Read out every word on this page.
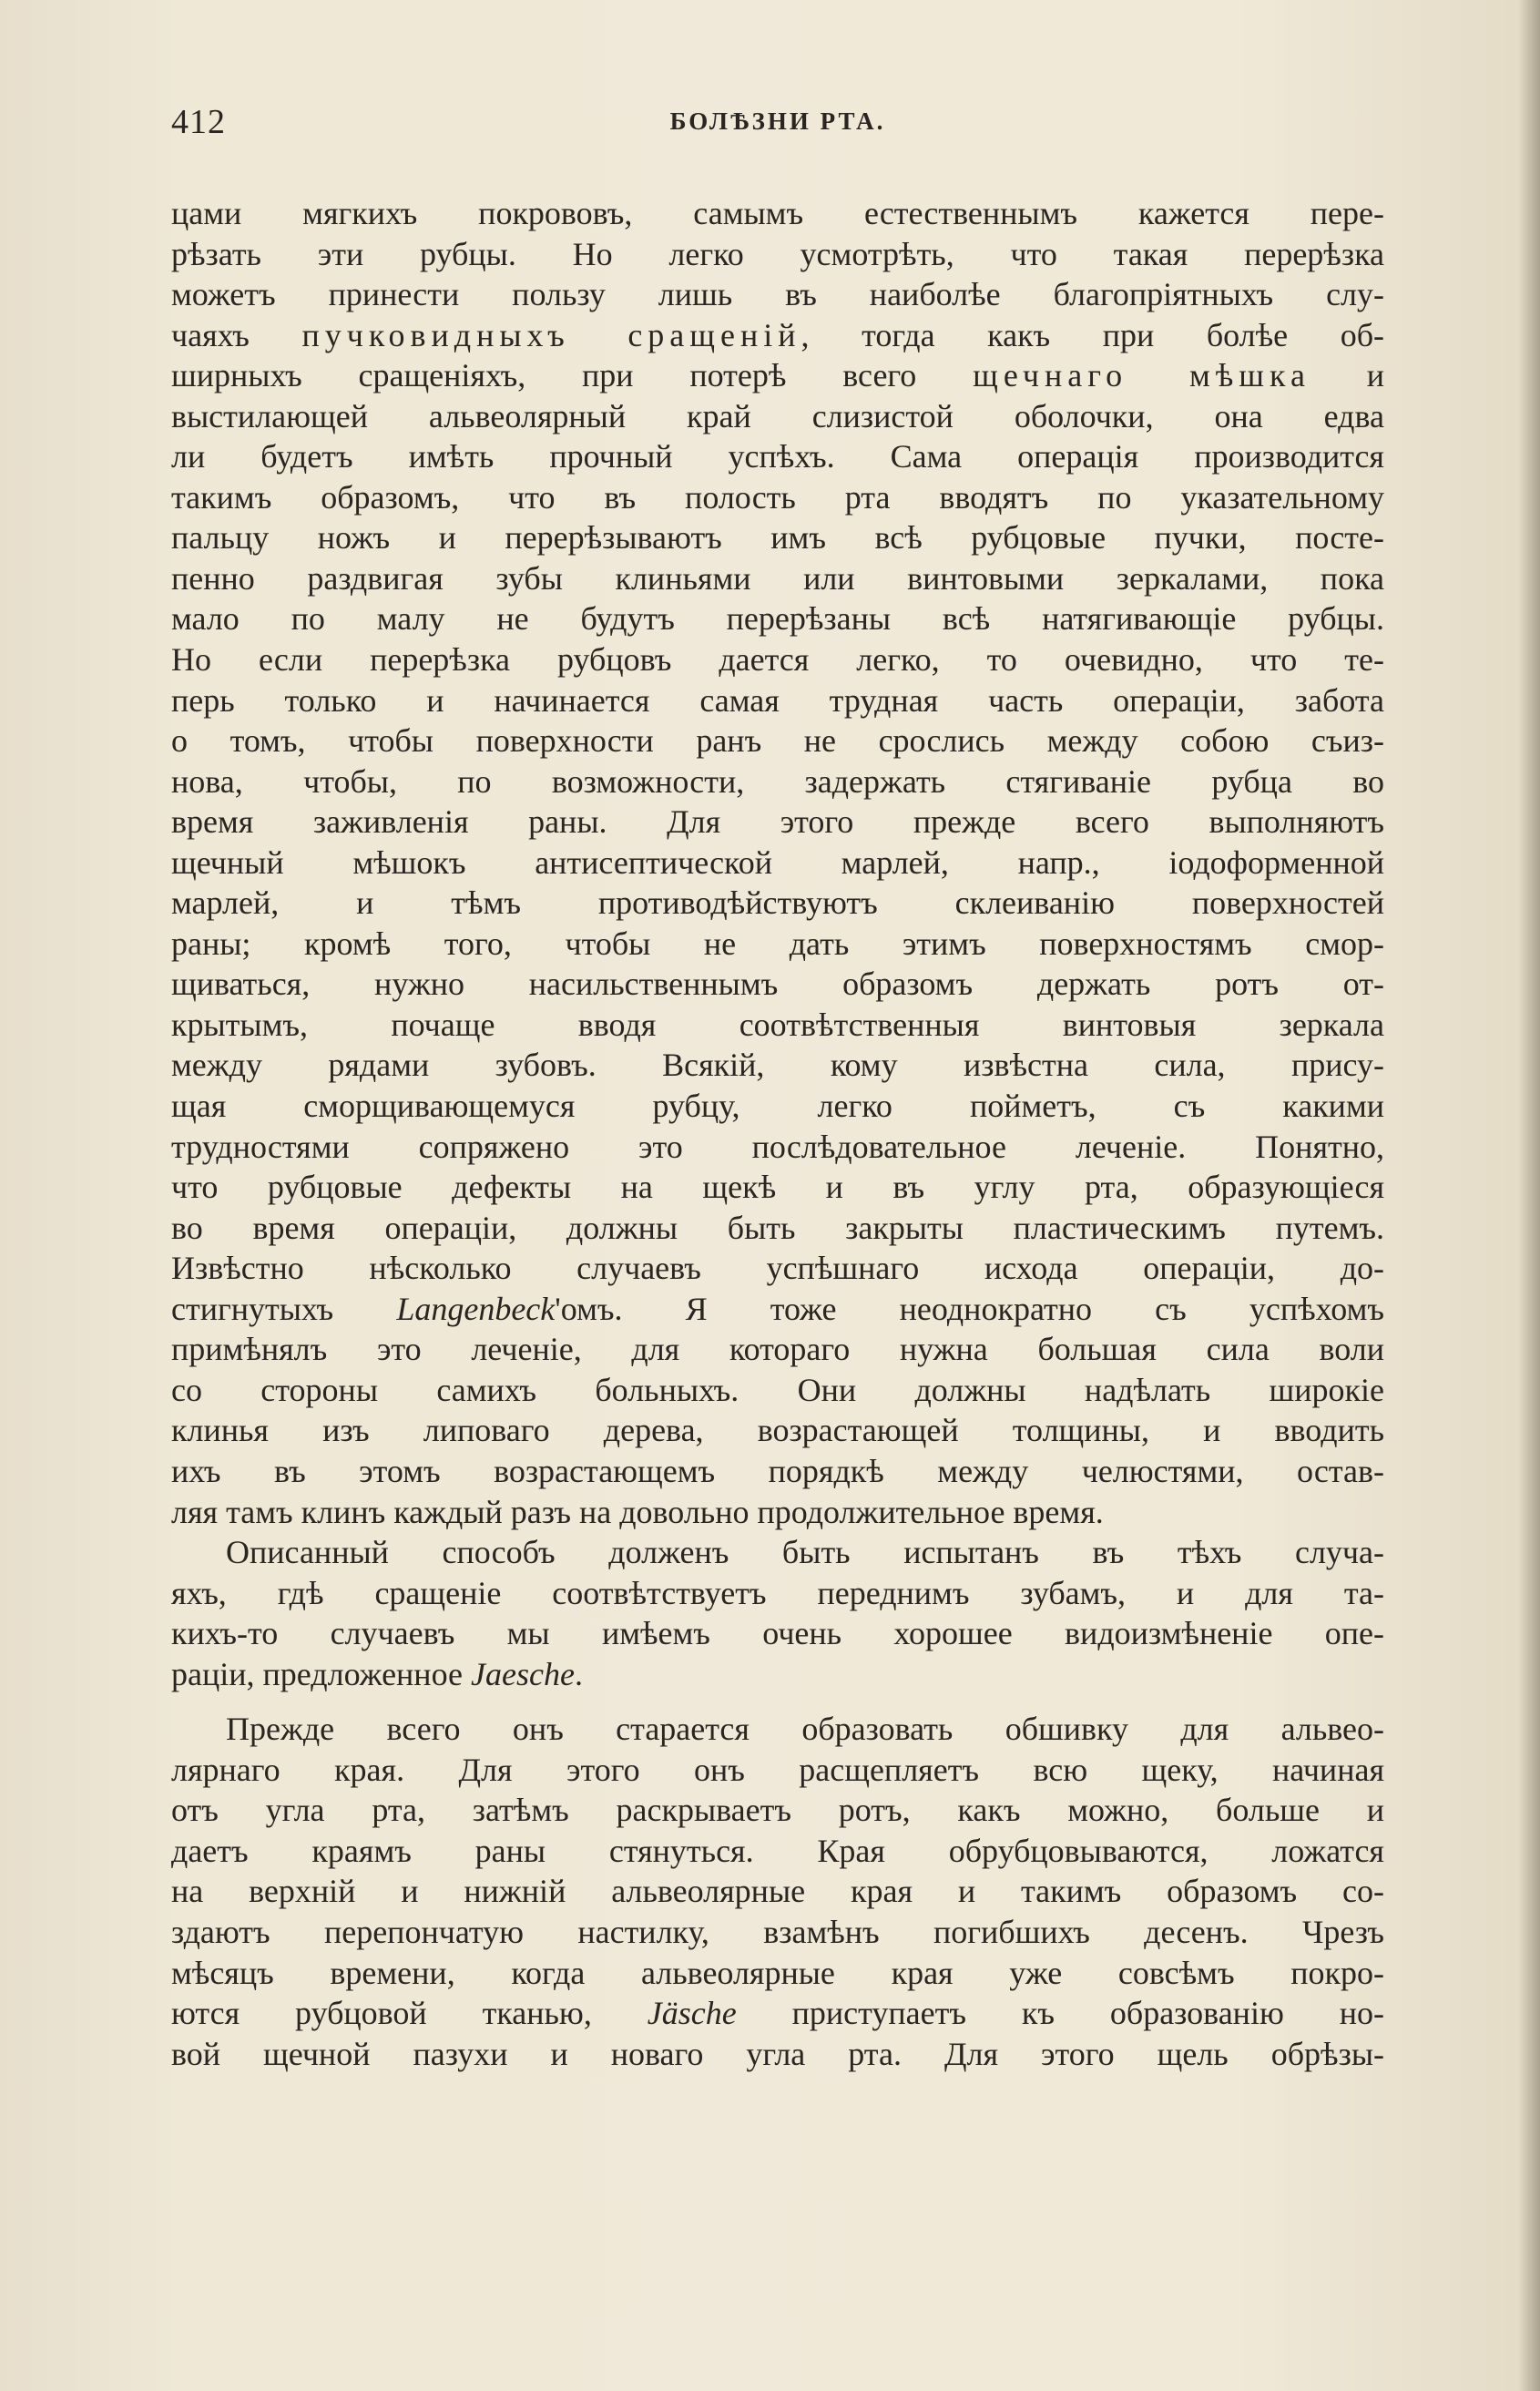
412	БОЛѢЗНИ РТА.
цами мягкихъ покрововъ, самымъ естественнымъ кажется пере-
рѣзать эти рубцы. Но легко усмотрѣть, что такая перерѣзка
можетъ принести пользу лишь въ наиболѣе благопріятныхъ слу-
чаяхъ пучковидныхъ сращеній, тогда какъ при болѣе об-
ширныхъ сращеніяхъ, при потерѣ всего щечнаго мѣшка и
выстилающей альвеолярный край слизистой оболочки, она едва
ли будетъ имѣть прочный успѣхъ. Сама операція производится
такимъ образомъ, что въ полость рта вводятъ по указательному
пальцу ножъ и перерѣзываютъ имъ всѣ рубцовые пучки, посте-
пенно раздвигая зубы клиньями или винтовыми зеркалами, пока
мало по малу не будутъ перерѣзаны всѣ натягивающіе рубцы.
Но если перерѣзка рубцовъ дается легко, то очевидно, что те-
перь только и начинается самая трудная часть операціи, забота
о томъ, чтобы поверхности ранъ не срослись между собою съиз-
нова, чтобы, по возможности, задержать стягиваніе рубца во
время заживленія раны. Для этого прежде всего выполняютъ
щечный мѣшокъ антисептической марлей, напр., іодоформенной
марлей, и тѣмъ противодѣйствуютъ склеиванію поверхностей
раны; кромѣ того, чтобы не дать этимъ поверхностямъ смор-
щиваться, нужно насильственнымъ образомъ держать ротъ от-
крытымъ, почаще вводя соотвѣтственныя винтовыя зеркала
между рядами зубовъ. Всякій, кому извѣстна сила, прису-
щая сморщивающемуся рубцу, легко пойметъ, съ какими
трудностями сопряжено это послѣдовательное леченіе. Понятно,
что рубцовые дефекты на щекѣ и въ углу рта, образующіеся
во время операціи, должны быть закрыты пластическимъ путемъ.
Извѣстно нѣсколько случаевъ успѣшнаго исхода операціи, до-
стигнутыхъ Langenbeck'омъ. Я тоже неоднократно съ успѣхомъ
примѣнялъ это леченіе, для котораго нужна большая сила воли
со стороны самихъ больныхъ. Они должны надѣлать широкіе
клинья изъ липоваго дерева, возрастающей толщины, и вводить
ихъ въ этомъ возрастающемъ порядкѣ между челюстями, остав-
ляя тамъ клинъ каждый разъ на довольно продолжительное время.
Описанный способъ долженъ быть испытанъ въ тѣхъ случа-
яхъ, гдѣ сращеніе соотвѣтствуетъ переднимъ зубамъ, и для та-
кихъ-то случаевъ мы имѣемъ очень хорошее видоизмѣненіе опе-
раціи, предложенное Jaesche.
Прежде всего онъ старается образовать обшивку для альвео-
лярнаго края. Для этого онъ расщепляетъ всю щеку, начиная
отъ угла рта, затѣмъ раскрываетъ ротъ, какъ можно, больше и
даетъ краямъ раны стянуться. Края обрубцовываются, ложатся
на верхній и нижній альвеолярные края и такимъ образомъ со-
здаютъ перепончатую настилку, взамѣнъ погибшихъ десенъ. Чрезъ
мѣсяцъ времени, когда альвеолярные края уже совсѣмъ покро-
ются рубцовой тканью, Jäsche приступаетъ къ образованію но-
вой щечной пазухи и новаго угла рта. Для этого щель обрѣзы-
